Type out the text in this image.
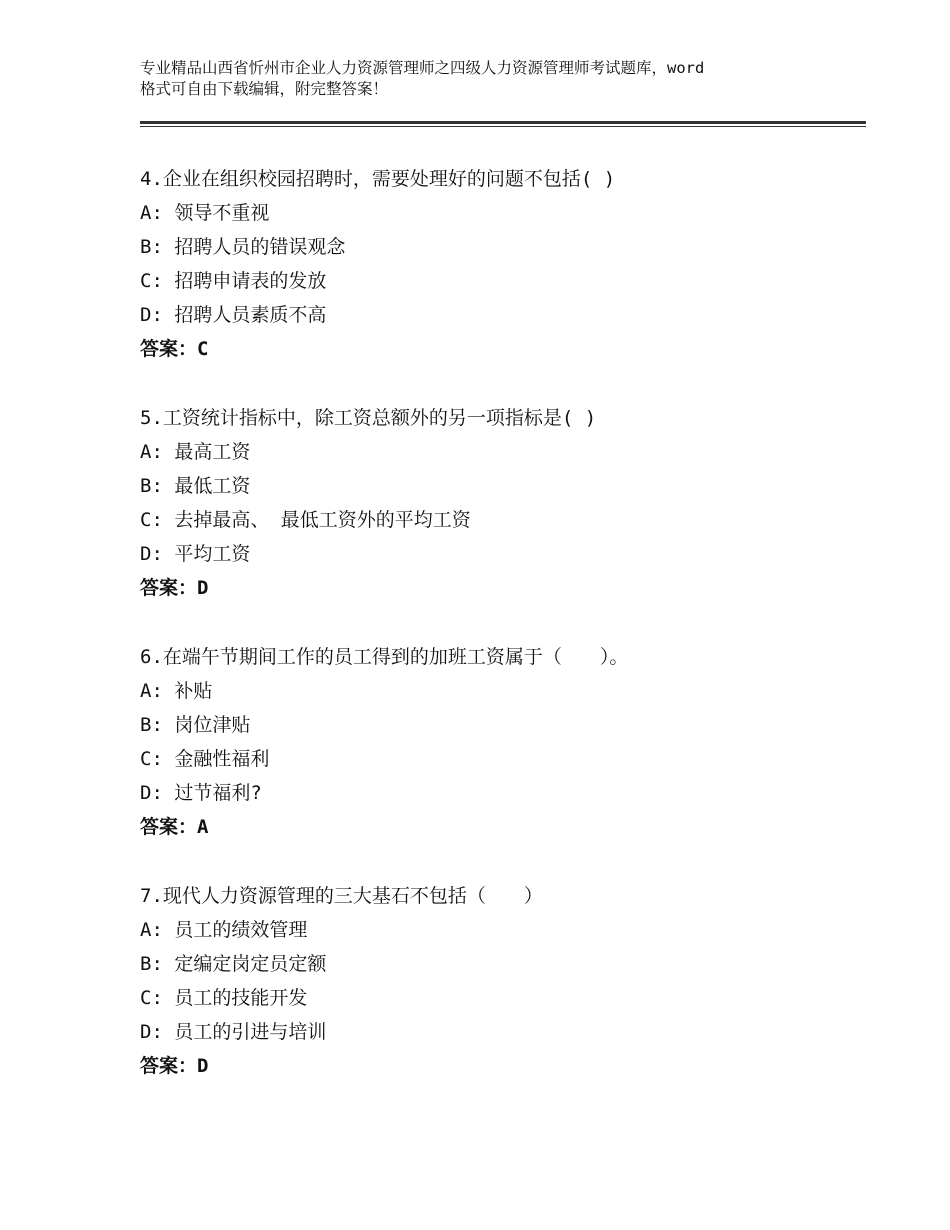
专业精品山西省忻州市企业人力资源管理师之四级人力资源管理师考试题库，word
格式可自由下载编辑，附完整答案！
4.企业在组织校园招聘时，需要处理好的问题不包括( )
A: 领导不重视
B: 招聘人员的错误观念
C: 招聘申请表的发放
D: 招聘人员素质不高
答案：C
5.工资统计指标中，除工资总额外的另一项指标是( )
A: 最高工资
B: 最低工资
C: 去掉最高、 最低工资外的平均工资
D: 平均工资
答案：D
6.在端午节期间工作的员工得到的加班工资属于（　　）。
A: 补贴
B: 岗位津贴
C: 金融性福利
D: 过节福利?
答案：A
7.现代人力资源管理的三大基石不包括（　　）
A: 员工的绩效管理
B: 定编定岗定员定额
C: 员工的技能开发
D: 员工的引进与培训
答案：D
